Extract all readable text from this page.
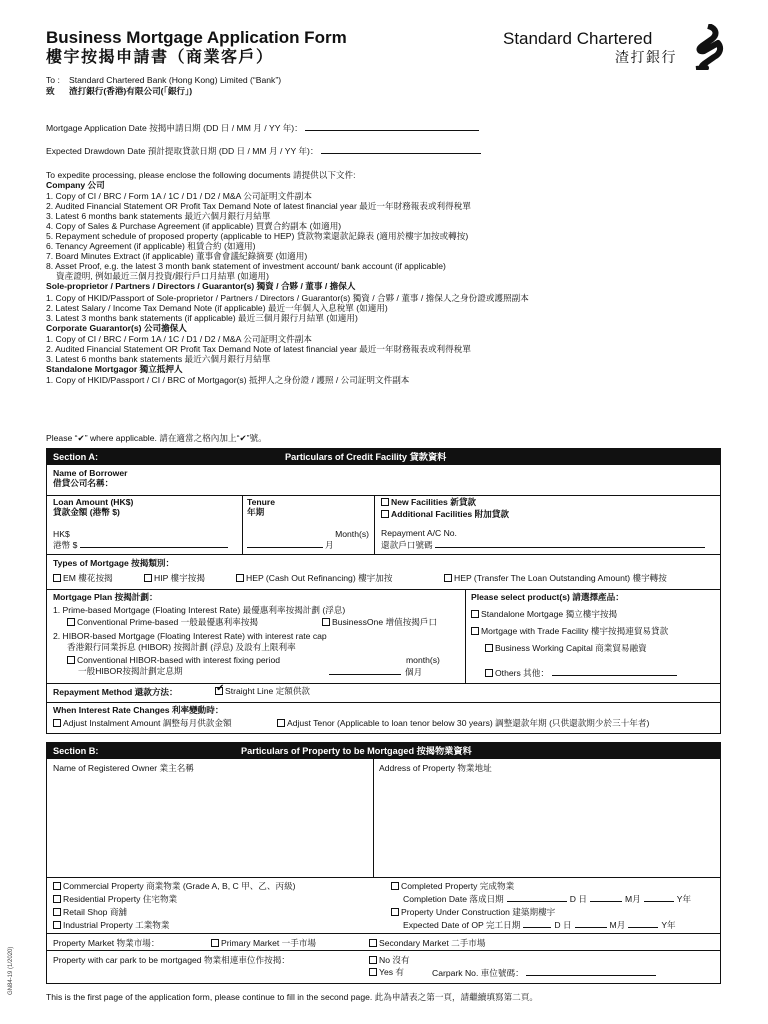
Business Mortgage Application Form
樓宇按揭申請書（商業客戶）
Standard Chartered
渣打銀行
To : Standard Chartered Bank (Hong Kong) Limited (“Bank”)
致 渣打銀行(香港)有限公司(「銀行」)
Mortgage Application Date 按揭申請日期 (DD 日 / MM 月 / YY 年)：
Expected Drawdown Date 預計提取貸款日期 (DD 日 / MM 月 / YY 年)：
To expedite processing, please enclose the following documents 請提供以下文件:
Company 公司
1. Copy of CI / BRC / Form 1A / 1C / D1 / D2 / M&A 公司証明文件副本
2. Audited Financial Statement OR Profit Tax Demand Note of latest financial year 最近一年財務報表或利得稅單
3. Latest 6 months bank statements 最近六個月銀行月結單
4. Copy of Sales & Purchase Agreement (if applicable) 買賣合約副本 (如適用)
5. Repayment schedule of proposed property (applicable to HEP) 貸款物業還款記錄表 (適用於樓宇加按或轉按)
6. Tenancy Agreement (if applicable) 租賃合約 (如適用)
7. Board Minutes Extract (if applicable) 董事會會議紀錄摘要 (如適用)
8. Asset Proof, e.g. the latest 3 month bank statement of investment account/ bank account (if applicable)
資產證明, 例如最近三個月投資/銀行戶口月結單 (如適用)
Sole-proprietor / Partners / Directors / Guarantor(s) 獨資 / 合夥 / 董事 / 擔保人
1. Copy of HKID/Passport of Sole-proprietor / Partners / Directors / Guarantor(s) 獨資 / 合夥 / 董事 / 擔保人之身份證或護照副本
2. Latest Salary / Income Tax Demand Note (if applicable) 最近一年個人入息稅單 (如適用)
3. Latest 3 months bank statements (if applicable) 最近三個月銀行月結單 (如適用)
Corporate Guarantor(s) 公司擔保人
1. Copy of CI / BRC / Form 1A / 1C / D1 / D2 / M&A 公司証明文件副本
2. Audited Financial Statement OR Profit Tax Demand Note of latest financial year 最近一年財務報表或利得稅單
3. Latest 6 months bank statements 最近六個月銀行月結單
Standalone Mortgagor 獨立抵押人
1. Copy of HKID/Passport / CI / BRC of Mortgagor(s) 抵押人之身份證 / 護照 / 公司証明文件副本
Please “✔” where applicable. 請在適當之格內加上“✔”號。
Section A:	Particulars of Credit Facility 貸款資料
Name of Borrower
借貸公司名稱：
Loan Amount (HK$)
貸款金額 (港幣 $)
HK$
港幣 $
Tenure
年期
Month(s)
月
New Facilities 新貸款
Additional Facilities 附加貸款
Repayment A/C No.
還款戶口號碼
Types of Mortgage 按揭類別：
EM 樓花按揭	HIP 樓宇按揭	HEP (Cash Out Refinancing) 樓宇加按	HEP (Transfer The Loan Outstanding Amount) 樓宇轉按
Mortgage Plan 按揭計劃：
1. Prime-based Mortgage (Floating Interest Rate) 最優惠利率按揭計劃 (浮息)
Conventional Prime-based 一般最優惠利率按揭	BusinessOne 增值按揭戶口
2. HIBOR-based Mortgage (Floating Interest Rate) with interest rate cap
香港銀行同業拆息 (HIBOR) 按揭計劃 (浮息) 及設有上限利率
Conventional HIBOR-based with interest fixing period
一般HIBOR按揭計劃定息期
month(s)
個月
Please select product(s) 請選擇產品：
Standalone Mortgage 獨立樓宇按揭
Mortgage with Trade Facility 樓宇按揭連貿易貸款
Business Working Capital 商業貿易融資
Others 其他：
Repayment Method 還款方法：	✔ Straight Line 定額供款
When Interest Rate Changes 利率變動時：
Adjust Instalment Amount 調整每月供款金額	Adjust Tenor (Applicable to loan tenor below 30 years) 調整還款年期 (只供還款期少於三十年者)
Section B:	Particulars of Property to be Mortgaged 按揭物業資料
Name of Registered Owner 業主名稱	Address of Property 物業地址
Commercial Property 商業物業 (Grade A, B, C 甲、乙、丙級)
Residential Property 住宅物業
Retail Shop 商舖
Industrial Property 工業物業
Completed Property 完成物業
Completion Date 落成日期	D 日	M月	Y年
Property Under Construction 建築期樓宇
Expected Date of OP 完工日期	D 日	M月	Y年
Property Market 物業市場：	Primary Market 一手市場	Secondary Market 二手市場
Property with car park to be mortgaged 物業相連車位作按揭：	No 沒有
Yes 有	Carpark No. 車位號碼：
This is the first page of the application form, please continue to fill in the second page. 此為申請表之第一頁，請繼續填寫第二頁。
GN84-19 (1/2020)
